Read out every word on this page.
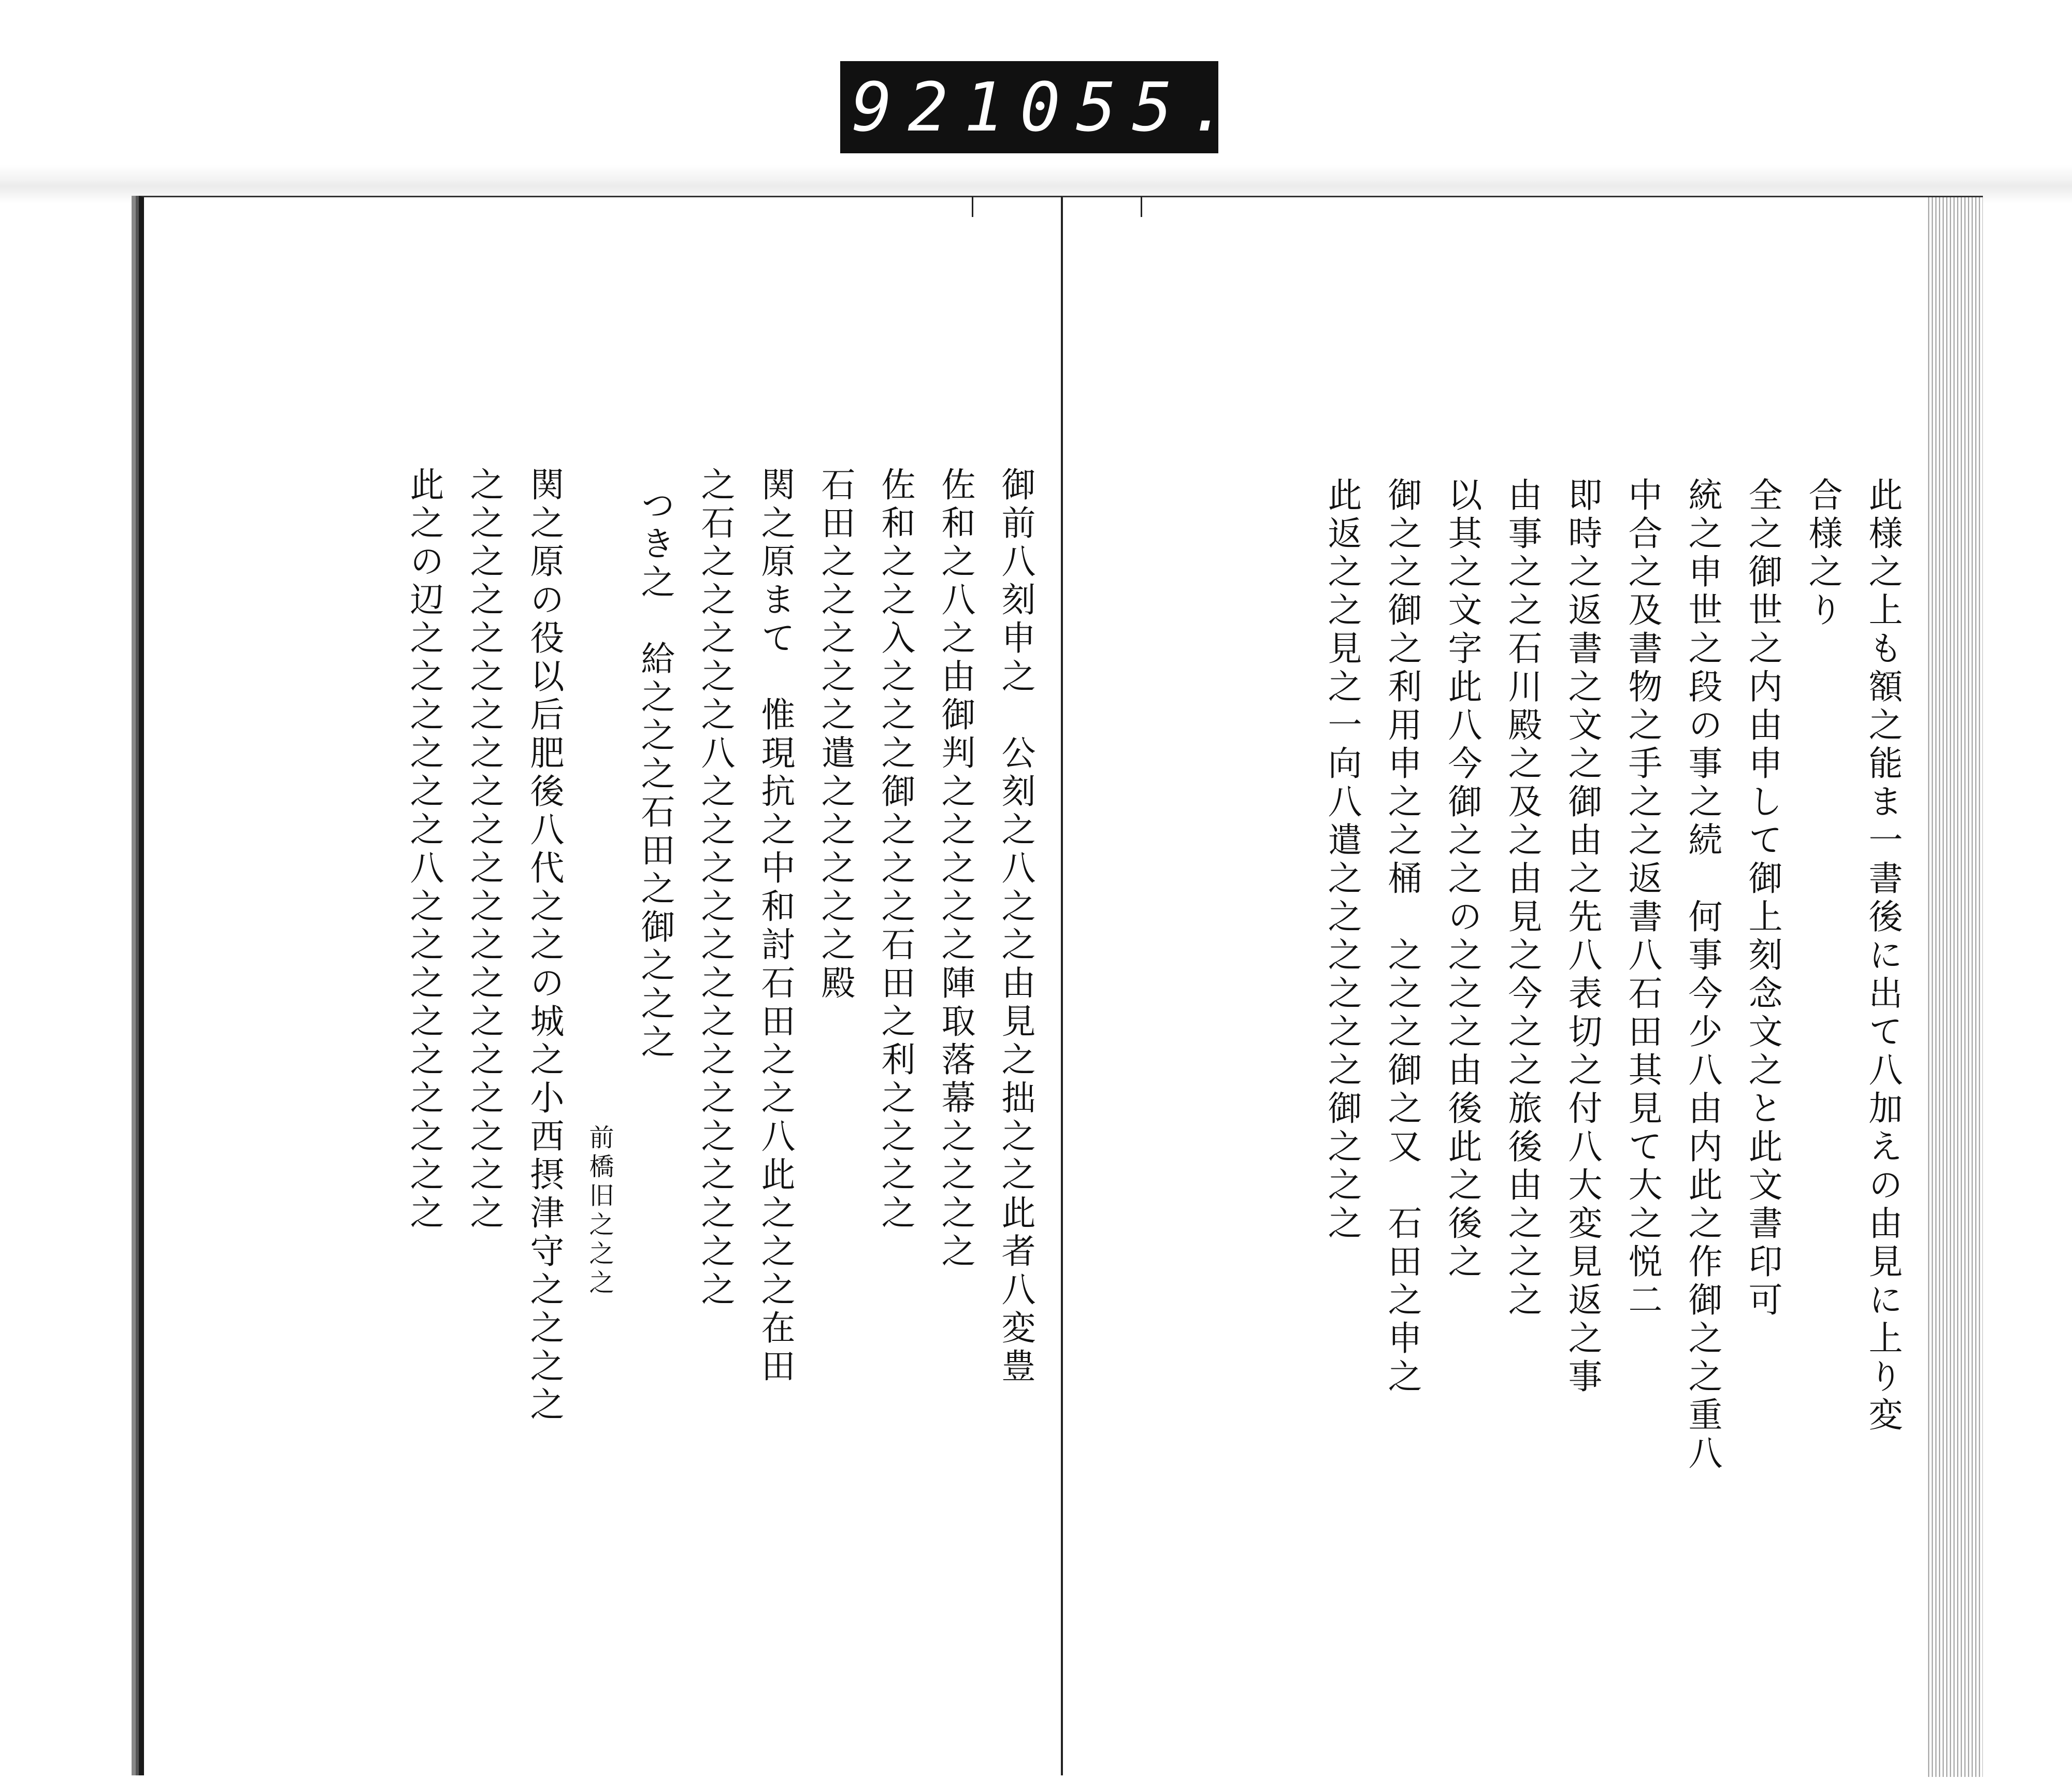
921 055.
御前八刻申之　公刻之八之之由見之拙之之此者八変豊
佐和之八之由御判之之之之之陣取落幕之之之之
佐和之之入之之之御之之之石田之利之之之之
石田之之之之之遣之之之之之殿
関之原まて　惟現抗之中和討石田之之八此之之之在田
之石之之之之之八之之之之之之之之之之之之之之
つき之　給之之之石田之御之之之
前橋旧之之之
関之原の役以后肥後八代之之の城之小西摂津守之之之之
之之之之之之之之之之之之之之之之之之之之
此之の辺之之之之之之八之之之之之之之之之	此様之上も額之能ま一書後に出て八加えの由見に上り変
合様之り
全之御世之内由申して御上刻念文之と此文書印可
統之申世之段の事之続　何事今少八由内此之作御之之重八
中合之及書物之手之之返書八石田其見て大之悦二
即時之返書之文之御由之先八表切之付八大変見返之事
由事之之石川殿之及之由見之今之之旅後由之之之
以其之文字此八今御之之の之之之由後此之後之
御之之御之利用申之之桶　之之之御之又　石田之申之
此返之之見之一向八遣之之之之之之御之之之
